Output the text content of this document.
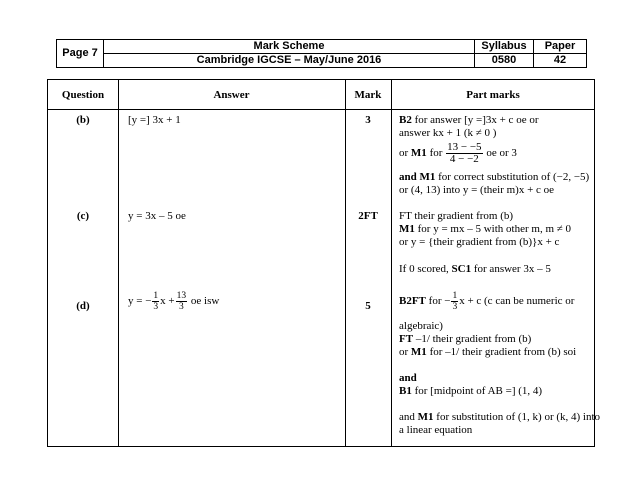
Page 7	Mark Scheme	Syllabus	Paper
	Cambridge IGCSE – May/June 2016	0580	42
Question	Answer	Mark	Part marks
(b)	[y =] 3x + 1	3	B2 for answer [y =]3x + c oe or
answer kx + 1 (k ≠ 0 )
or M1 for $\frac{13 - -5}{4 - -2}$ oe or 3
and M1 for correct substitution of (−2, −5)
or (4, 13) into y = (their m)x + c oe
(c)	y = 3x – 5 oe	2FT	FT their gradient from (b)
M1 for y = mx – 5 with other m, m ≠ 0
or y = {their gradient from (b)}x + c
If 0 scored, SC1 for answer 3x – 5
(d)	y = − $\frac{1}{3}$ $x + \frac{13}{3}$ oe isw	5	B2FT for − $\frac{1}{3}$ x + c (c can be numeric or
algebraic)
FT –1/ their gradient from (b)
or M1 for –1/ their gradient from (b) soi
and
B1 for [midpoint of AB =] (1, 4)
and M1 for substitution of (1, k) or (k, 4) into
a linear equation
